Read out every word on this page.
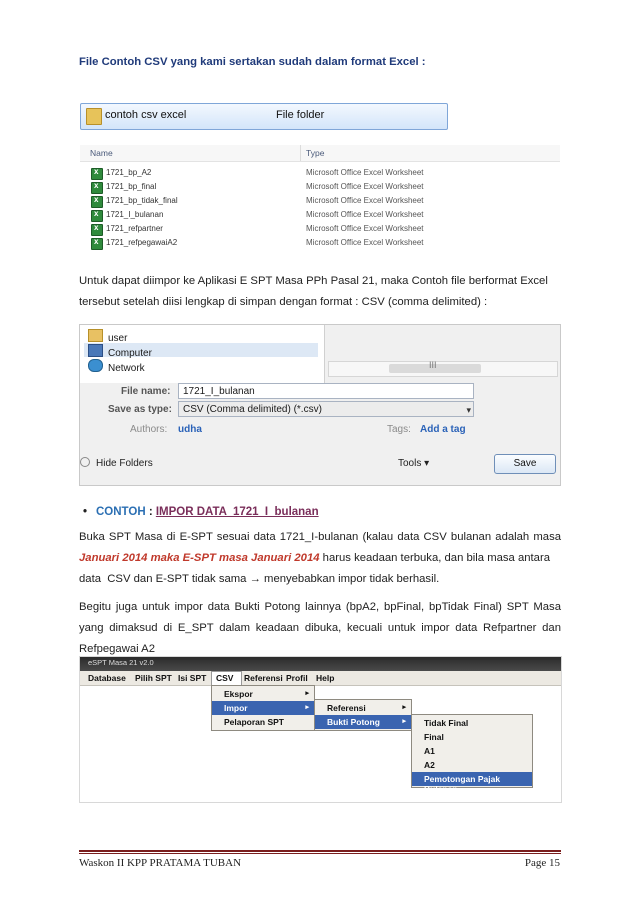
File Contoh CSV yang kami sertakan sudah dalam format Excel :
contoh csv excel	File folder
Name	Type
x
1721_bp_A2	Microsoft Office Excel Worksheet
x
1721_bp_final	Microsoft Office Excel Worksheet
x
1721_bp_tidak_final	Microsoft Office Excel Worksheet
x
1721_I_bulanan	Microsoft Office Excel Worksheet
x
1721_refpartner	Microsoft Office Excel Worksheet
x
1721_refpegawaiA2	Microsoft Office Excel Worksheet
Untuk dapat diimpor ke Aplikasi E SPT Masa PPh Pasal 21, maka Contoh file berformat Excel
tersebut setelah diisi lengkap di simpan dengan format : CSV (comma delimited) :
user
Computer
Network	III
File name:	1721_I_bulanan
Save as type:	CSV (Comma delimited) (*.csv)	▾
Authors: udha	Tags: Add a tag
Hide Folders	Tools ▾	Save
• CONTOH : IMPOR DATA  1721_I_bulanan
Buka SPT Masa di E-SPT sesuai data 1721_I-bulanan (kalau data CSV bulanan adalah masa
Januari 2014 maka E-SPT masa Januari 2014 harus keadaan terbuka, dan bila masa antara
data  CSV dan E-SPT tidak sama → menyebabkan impor tidak berhasil.
Begitu juga untuk impor data Bukti Potong lainnya (bpA2, bpFinal, bpTidak Final) SPT Masa
yang dimaksud di E_SPT dalam keadaan dibuka, kecuali untuk impor data Refpartner dan
Refpegawai A2
eSPT Masa 21 v2.0
Database Pilih SPT Isi SPT CSV Referensi Profil Help
Ekspor	▸
Impor	▸
Pelaporan SPT
Referensi	▸
Bukti Potong	▸ Tidak Final
Final
A1
A2
Pemotongan Pajak Bulanan
Waskon II KPP PRATAMA TUBAN	Page 15
